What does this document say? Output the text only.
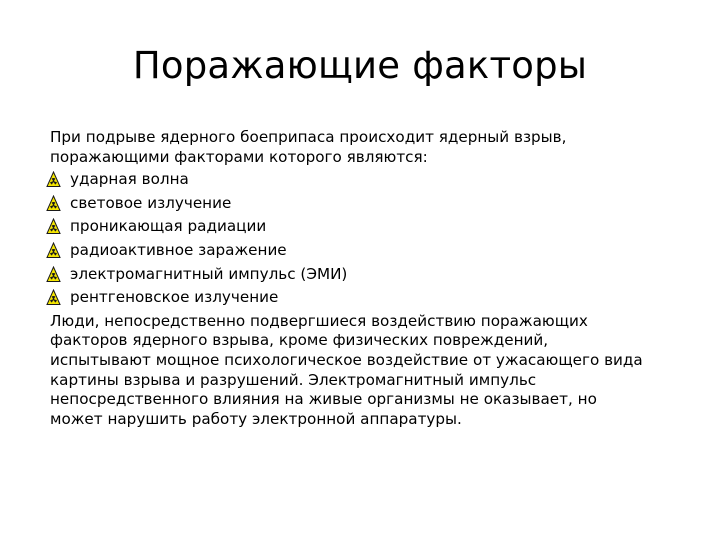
Поражающие факторы

При подрыве ядерного боеприпаса происходит ядерный взрыв,
поражающими факторами которого являются:

ударная волна
световое излучение
проникающая радиации
радиоактивное заражение
электромагнитный импульс (ЭМИ)
рентгеновское излучение

Люди, непосредственно подвергшиеся воздействию поражающих
факторов ядерного взрыва, кроме физических повреждений,
испытывают мощное психологическое воздействие от ужасающего вида
картины взрыва и разрушений. Электромагнитный импульс
непосредственного влияния на живые организмы не оказывает, но
может нарушить работу электронной аппаратуры.
